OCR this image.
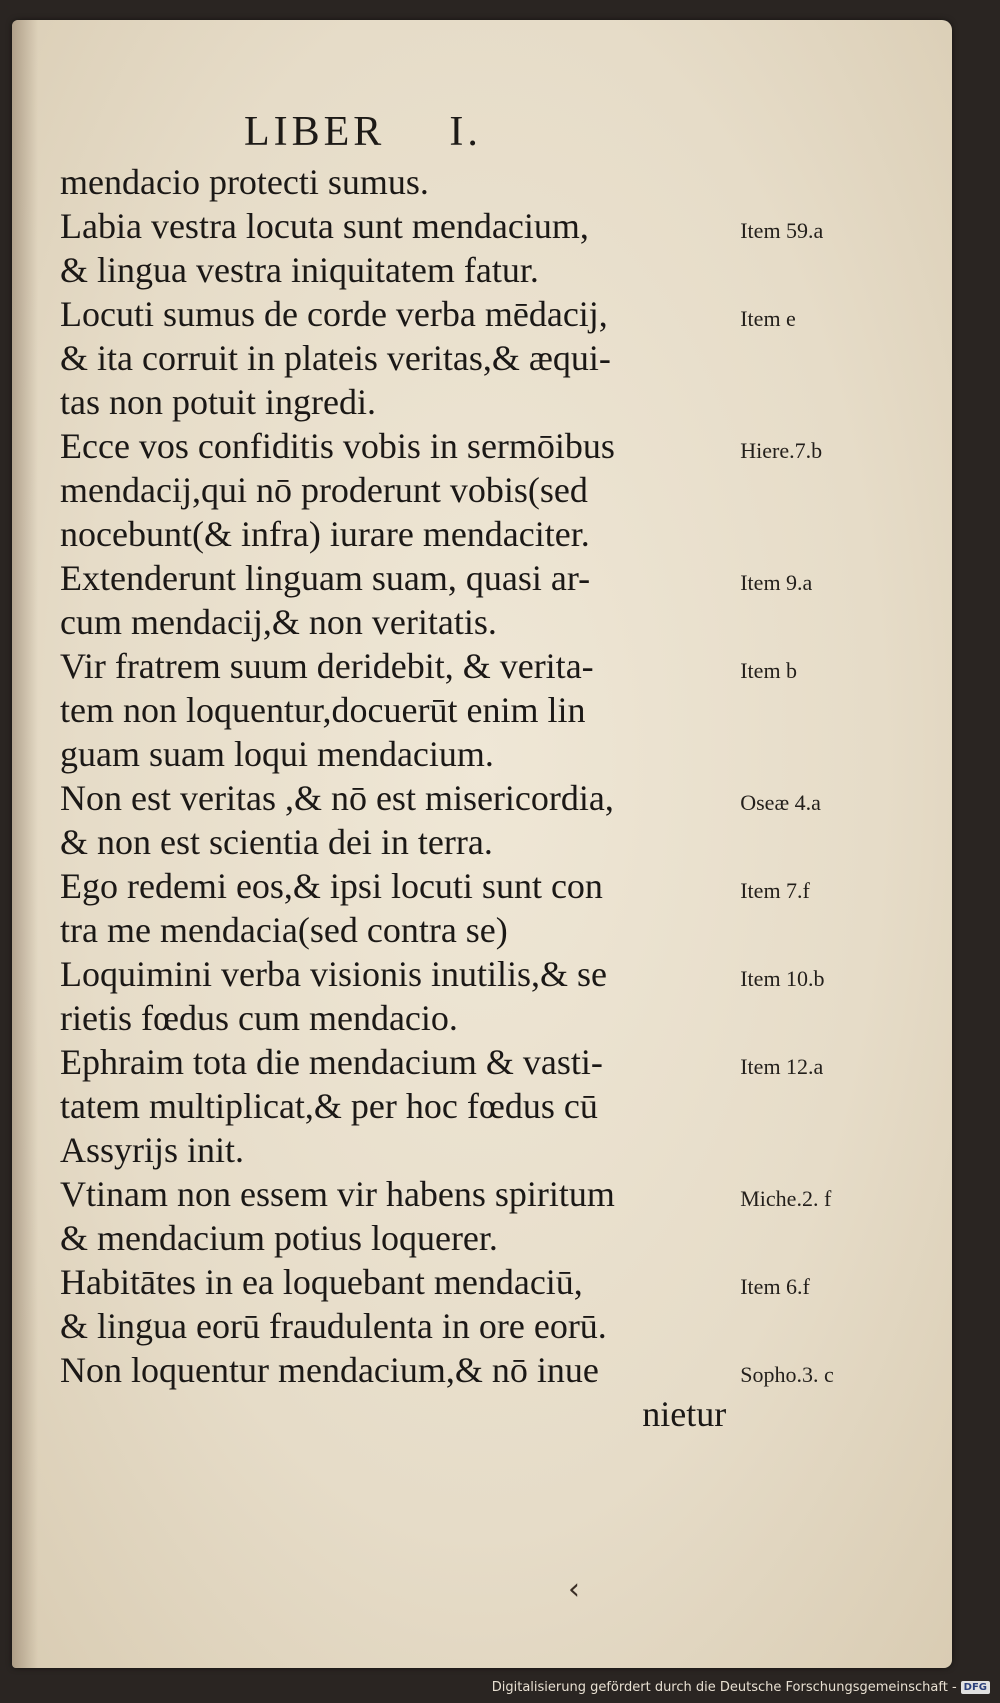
LIBER I.
mendacio protecti sumus.
Labia vestra locuta sunt mendacium,	Item 59.a
& lingua vestra iniquitatem fatur.
Locuti sumus de corde verba mēdacij,	Item e
& ita corruit in plateis veritas,& æqui-
tas non potuit ingredi.
Ecce vos confiditis vobis in sermōibus	Hiere.7.b
mendacij,qui nō proderunt vobis(sed
nocebunt(& infra) iurare mendaciter.
Extenderunt linguam suam, quasi ar-	Item 9.a
cum mendacij,& non veritatis.
Vir fratrem suum deridebit, & verita-	Item b
tem non loquentur,docuerūt enim lin
guam suam loqui mendacium.
Non est veritas ,& nō est misericordia,	Oseæ 4.a
& non est scientia dei in terra.
Ego redemi eos,& ipsi locuti sunt con	Item 7.f
tra me mendacia(sed contra se)
Loquimini verba visionis inutilis,& se	Item 10.b
rietis fœdus cum mendacio.
Ephraim tota die mendacium & vasti-	Item 12.a
tatem multiplicat,& per hoc fœdus cū
Assyrijs init.
Vtinam non essem vir habens spiritum	Miche.2. f
& mendacium potius loquerer.
Habitātes in ea loquebant mendaciū,	Item 6.f
& lingua eorū fraudulenta in ore eorū.
Non loquentur mendacium,& nō inue	Sopho.3. c
nietur
‹
Digitalisierung gefördert durch die Deutsche Forschungsgemeinschaft - DFG
